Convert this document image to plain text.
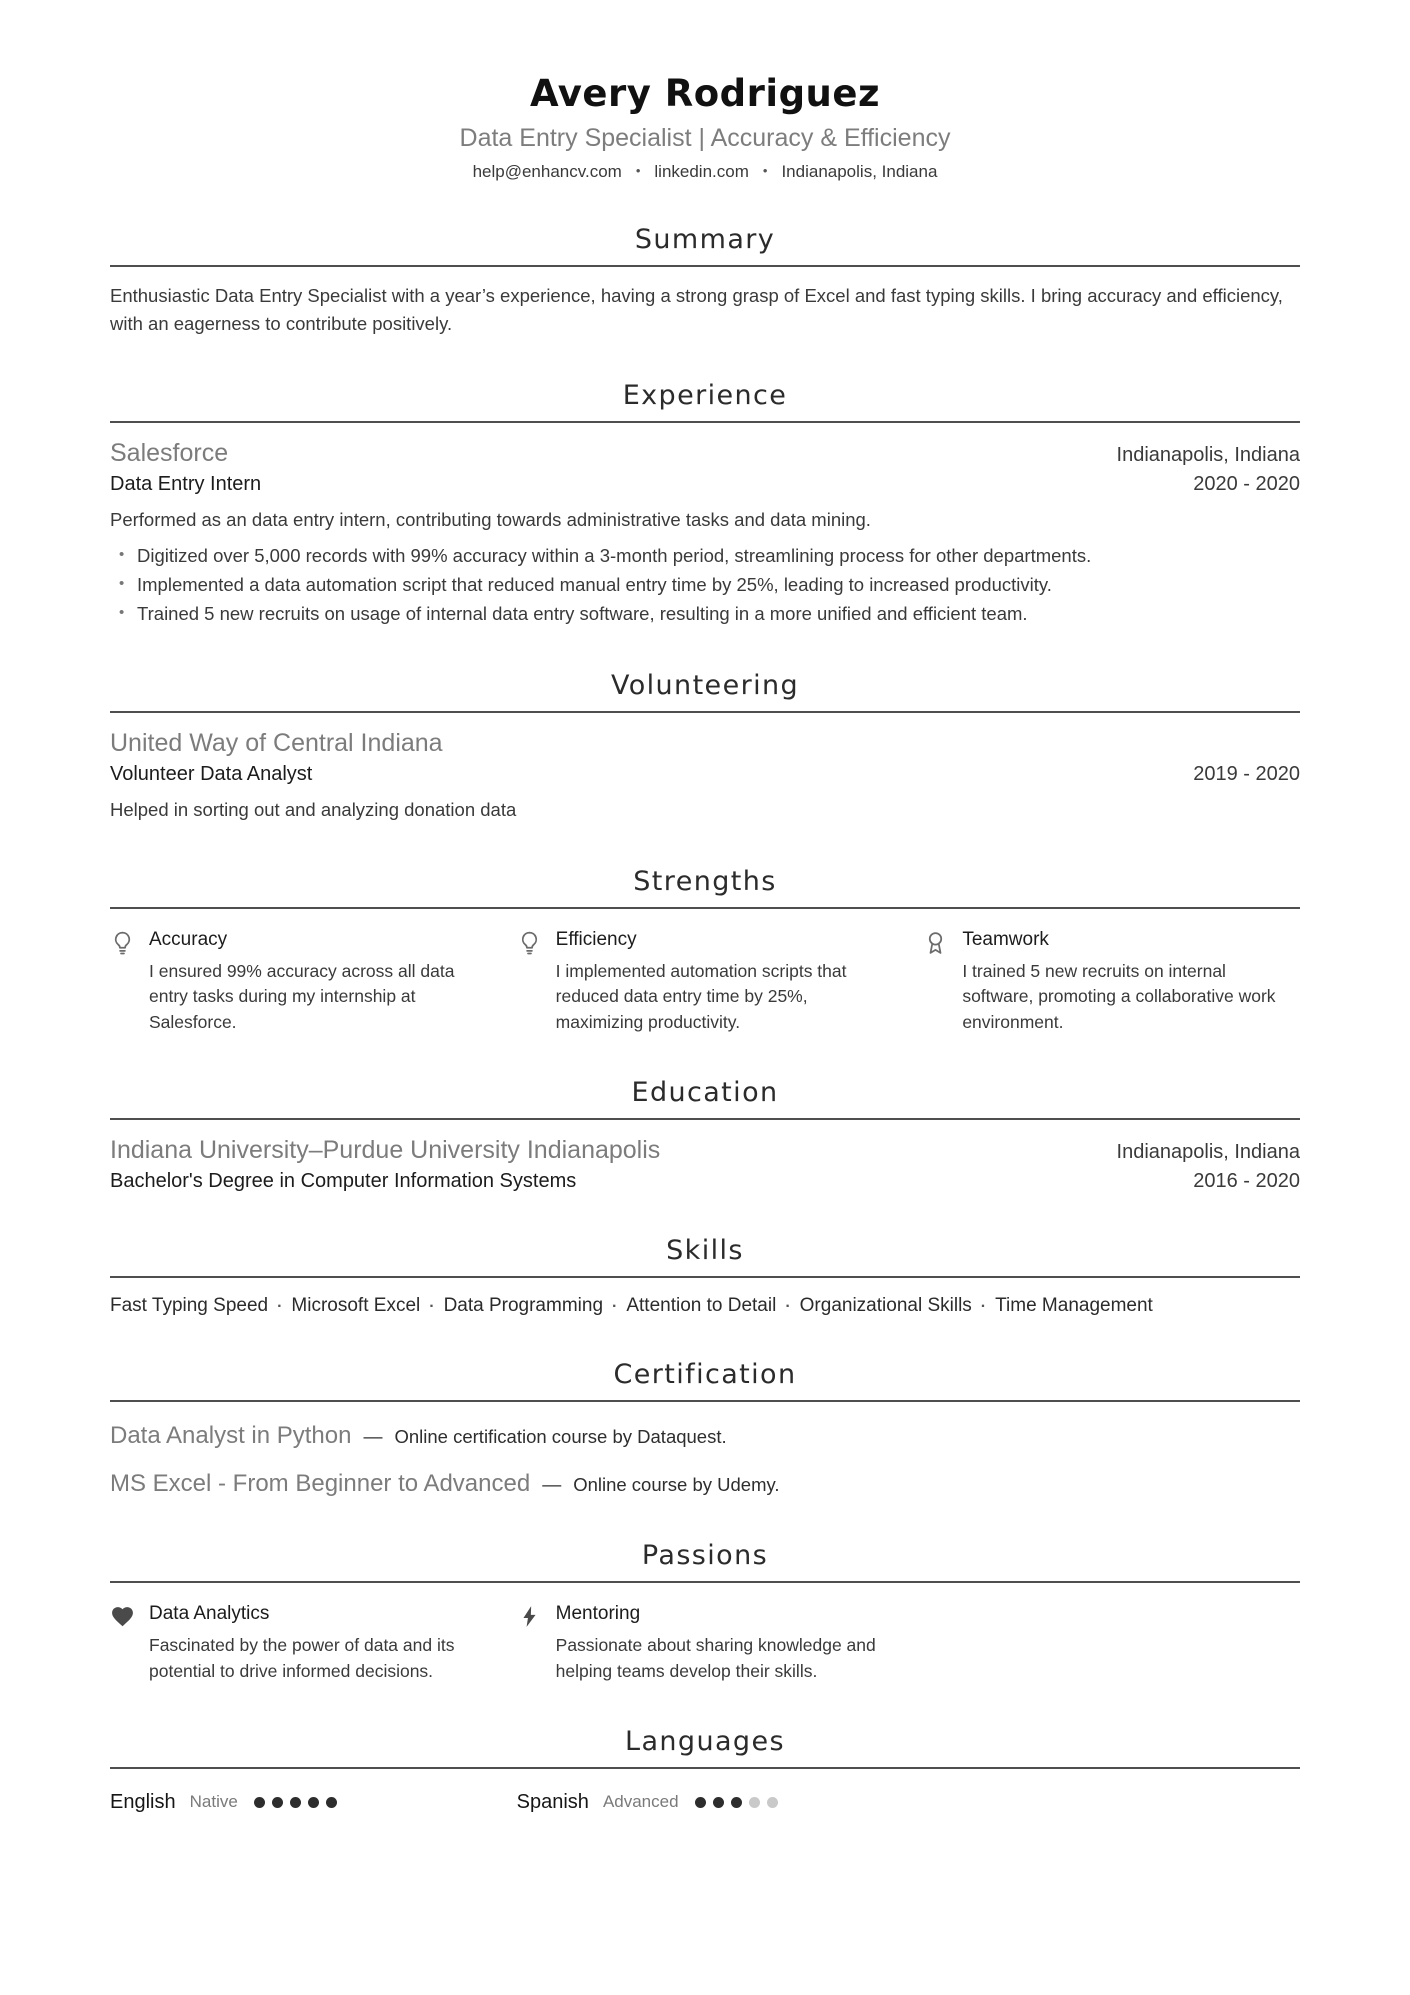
Avery Rodriguez
Data Entry Specialist | Accuracy & Efficiency
help@enhancv.com • linkedin.com • Indianapolis, Indiana
Summary

Enthusiastic Data Entry Specialist with a year’s experience, having a strong grasp of Excel and fast typing skills. I bring accuracy and efficiency, with an eagerness to contribute positively.

Experience
Salesforce	Indianapolis, Indiana
Data Entry Intern	2020 - 2020

Performed as an data entry intern, contributing towards administrative tasks and data mining.

• Digitized over 5,000 records with 99% accuracy within a 3-month period, streamlining process for other departments.
• Implemented a data automation script that reduced manual entry time by 25%, leading to increased productivity.
• Trained 5 new recruits on usage of internal data entry software, resulting in a more unified and efficient team.
Volunteering
United Way of Central Indiana
Volunteer Data Analyst	2019 - 2020

Helped in sorting out and analyzing donation data

Strengths
Accuracy

I ensured 99% accuracy across all data entry tasks during my internship at Salesforce.

Efficiency

I implemented automation scripts that reduced data entry time by 25%, maximizing productivity.

Teamwork

I trained 5 new recruits on internal software, promoting a collaborative work environment.

Education
Indiana University–Purdue University Indianapolis	Indianapolis, Indiana
Bachelor's Degree in Computer Information Systems	2016 - 2020
Skills
Fast Typing Speed · Microsoft Excel · Data Programming · Attention to Detail · Organizational Skills · Time Management
Certification
Data Analyst in Python — Online certification course by Dataquest.
MS Excel - From Beginner to Advanced — Online course by Udemy.
Passions
Data Analytics

Fascinated by the power of data and its potential to drive informed decisions.

Mentoring

Passionate about sharing knowledge and helping teams develop their skills.

Languages
English Native	Spanish Advanced
